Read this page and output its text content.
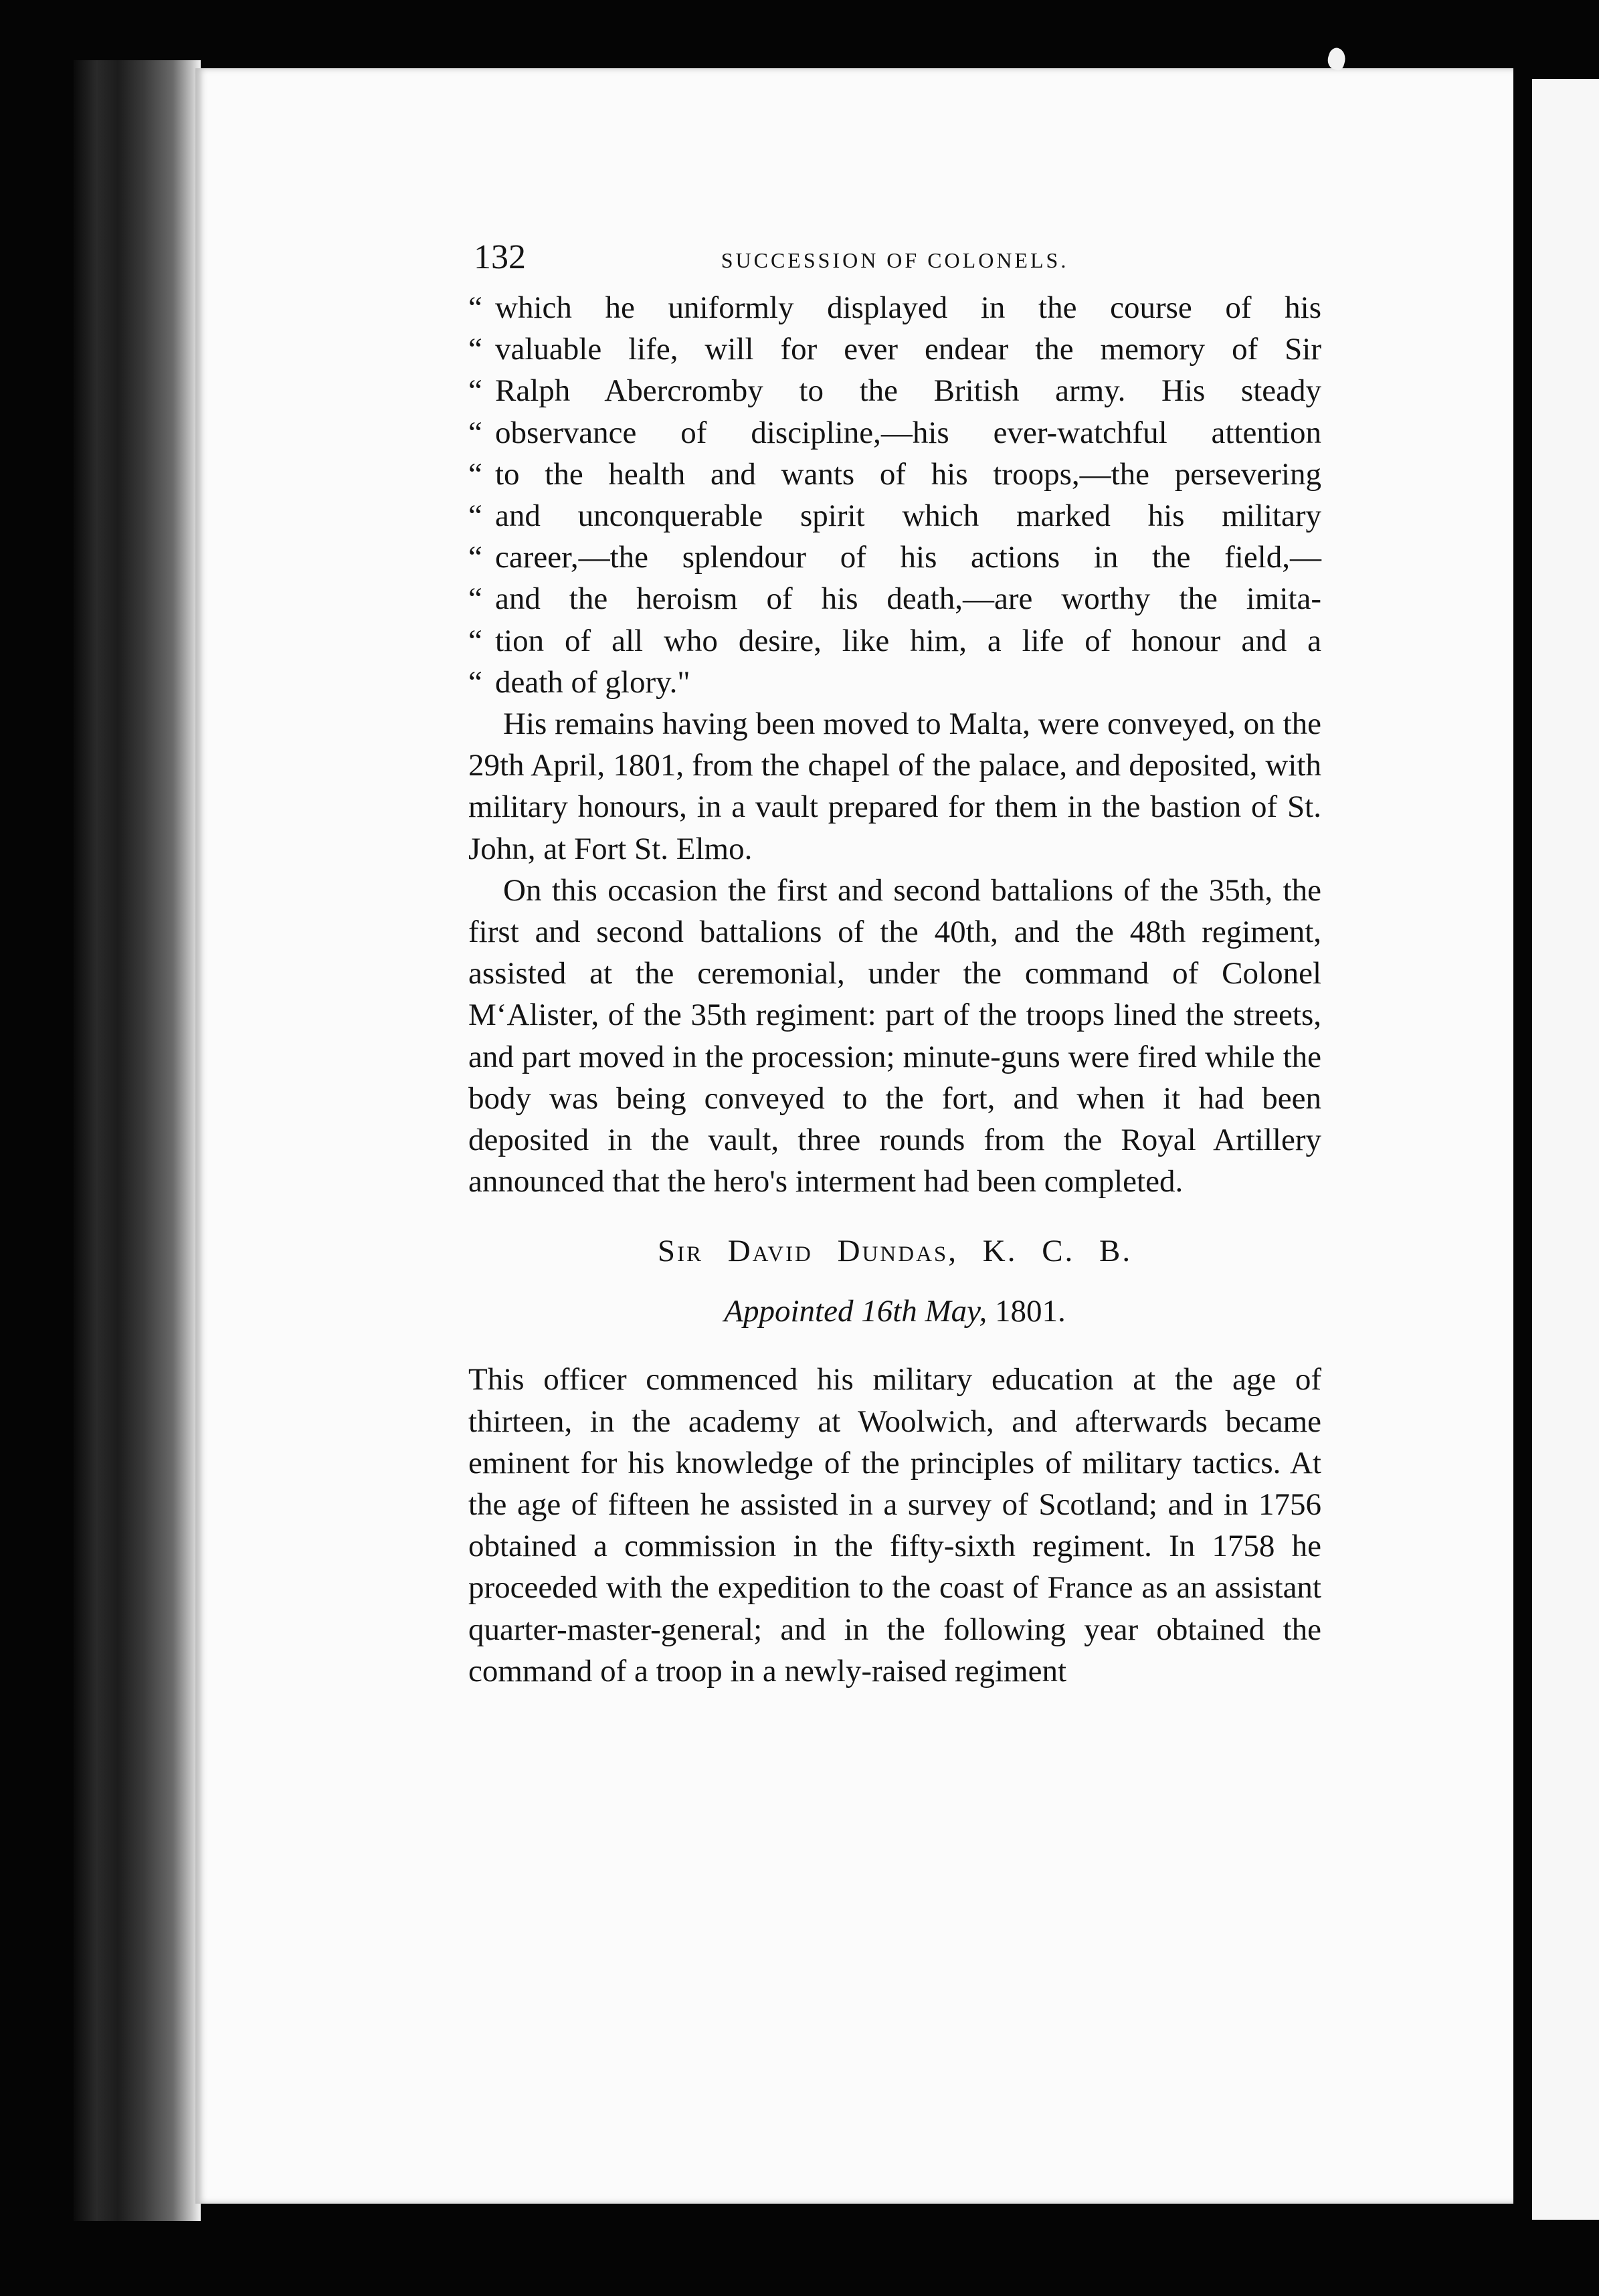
132	SUCCESSION OF COLONELS.
“ which he uniformly displayed in the course of his
“ valuable life, will for ever endear the memory of Sir
“ Ralph Abercromby to the British army. His steady
“ observance of discipline,—his ever-watchful attention
“ to the health and wants of his troops,—the persevering
“ and unconquerable spirit which marked his military
“ career,—the splendour of his actions in the field,—
“ and the heroism of his death,—are worthy the imita-
“ tion of all who desire, like him, a life of honour and a
“ death of glory."

His remains having been moved to Malta, were conveyed, on the 29th April, 1801, from the chapel of the palace, and deposited, with military honours, in a vault prepared for them in the bastion of St. John, at Fort St. Elmo.

On this occasion the first and second battalions of the 35th, the first and second battalions of the 40th, and the 48th regiment, assisted at the ceremonial, under the command of Colonel M‘Alister, of the 35th regiment: part of the troops lined the streets, and part moved in the procession; minute-guns were fired while the body was being conveyed to the fort, and when it had been deposited in the vault, three rounds from the Royal Artillery announced that the hero's interment had been completed.

Sir David Dundas, K. C. B.
Appointed 16th May, 1801.

This officer commenced his military education at the age of thirteen, in the academy at Woolwich, and afterwards became eminent for his knowledge of the principles of military tactics. At the age of fifteen he assisted in a survey of Scotland; and in 1756 obtained a commission in the fifty-sixth regiment. In 1758 he proceeded with the expedition to the coast of France as an assistant quarter-master-general; and in the following year obtained the command of a troop in a newly-raised regiment
